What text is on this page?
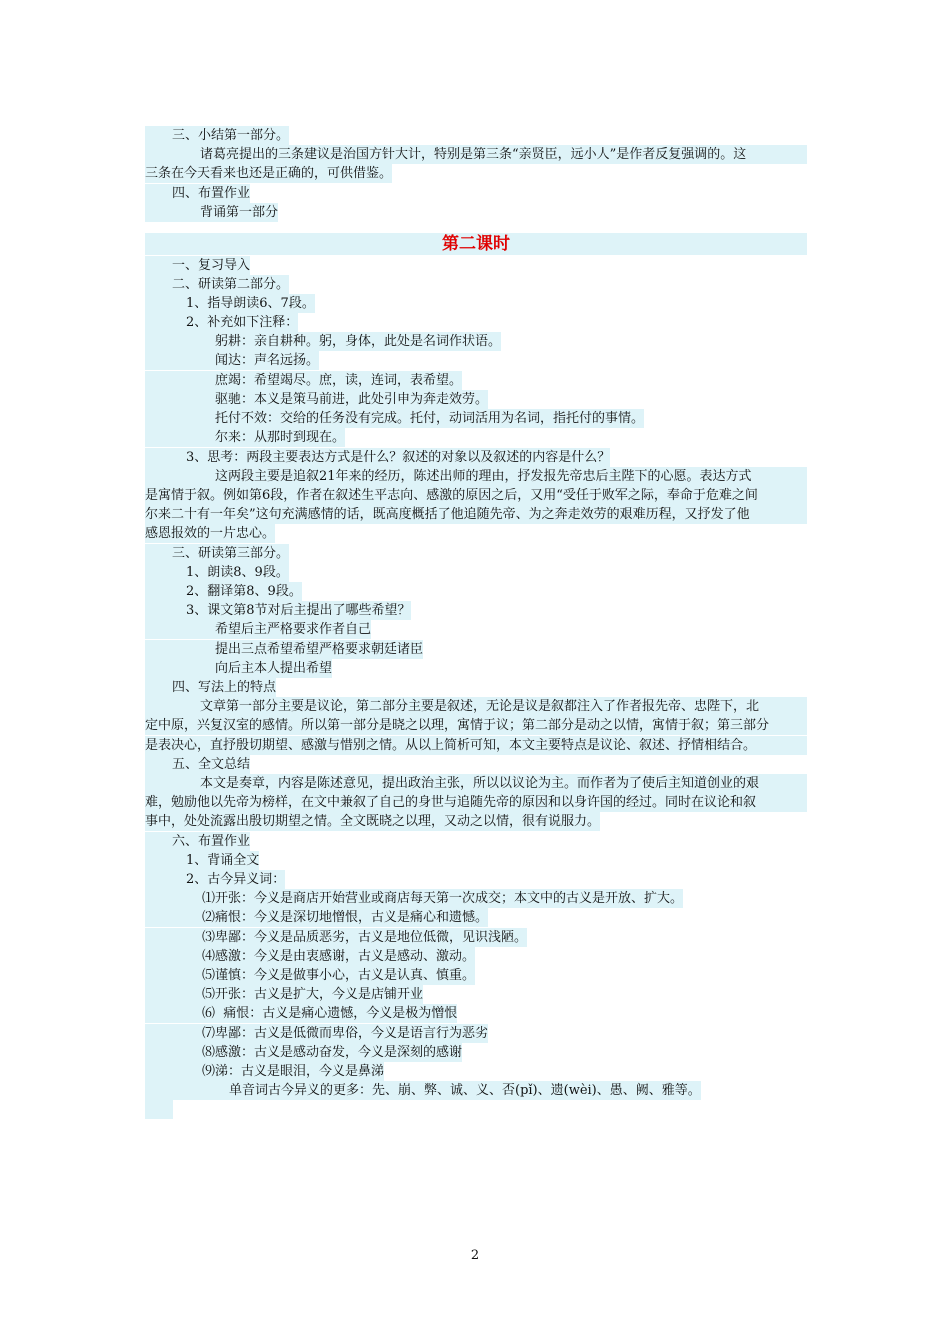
三、小结第一部分。
诸葛亮提出的三条建议是治国方针大计，特别是第三条“亲贤臣，远小人”是作者反复强调的。这
三条在今天看来也还是正确的，可供借鉴。
四、布置作业
背诵第一部分
第二课时
一、复习导入
二、研读第二部分。
1、指导朗读6、7段。
2、补充如下注释：
躬耕：亲自耕种。躬，身体，此处是名词作状语。
闻达：声名远扬。
庶竭：希望竭尽。庶，读，连词，表希望。
驱驰：本义是策马前进，此处引申为奔走效劳。
托付不效：交给的任务没有完成。托付，动词活用为名词，指托付的事情。
尔来：从那时到现在。
3、思考：两段主要表达方式是什么？叙述的对象以及叙述的内容是什么？
这两段主要是追叙21年来的经历，陈述出师的理由，抒发报先帝忠后主陛下的心愿。表达方式
是寓情于叙。例如第6段，作者在叙述生平志向、感激的原因之后，又用“受任于败军之际，奉命于危难之间
尔来二十有一年矣”这句充满感情的话，既高度概括了他追随先帝、为之奔走效劳的艰难历程，又抒发了他
感恩报效的一片忠心。
三、研读第三部分。
1、朗读8、9段。
2、翻译第8、9段。
3、课文第8节对后主提出了哪些希望？
希望后主严格要求作者自己
提出三点希望希望严格要求朝廷诸臣
向后主本人提出希望
四、写法上的特点
文章第一部分主要是议论，第二部分主要是叙述，无论是议是叙都注入了作者报先帝、忠陛下，北
定中原，兴复汉室的感情。所以第一部分是晓之以理，寓情于议；第二部分是动之以情，寓情于叙；第三部分
是表决心，直抒殷切期望、感激与惜别之情。从以上简析可知，本文主要特点是议论、叙述、抒情相结合。
五、全文总结
本文是奏章，内容是陈述意见，提出政治主张，所以以议论为主。而作者为了使后主知道创业的艰
难，勉励他以先帝为榜样，在文中兼叙了自己的身世与追随先帝的原因和以身许国的经过。同时在议论和叙
事中，处处流露出殷切期望之情。全文既晓之以理，又动之以情，很有说服力。
六、布置作业
1、背诵全文
2、古今异义词：
⑴开张：今义是商店开始营业或商店每天第一次成交；本文中的古义是开放、扩大。
⑵痛恨：今义是深切地憎恨，古义是痛心和遗憾。
⑶卑鄙：今义是品质恶劣，古义是地位低微，见识浅陋。
⑷感激：今义是由衷感谢，古义是感动、激动。
⑸谨慎：今义是做事小心，古义是认真、慎重。
⑸开张：古义是扩大，今义是店铺开业
⑹  痛恨：古义是痛心遗憾，今义是极为憎恨
⑺卑鄙：古义是低微而卑俗，今义是语言行为恶劣
⑻感激：古义是感动奋发，今义是深刻的感谢
⑼涕：古义是眼泪，今义是鼻涕
单音词古今异义的更多：先、崩、弊、诚、义、否(pǐ)、遗(wèi)、愚、阙、雅等。
2
